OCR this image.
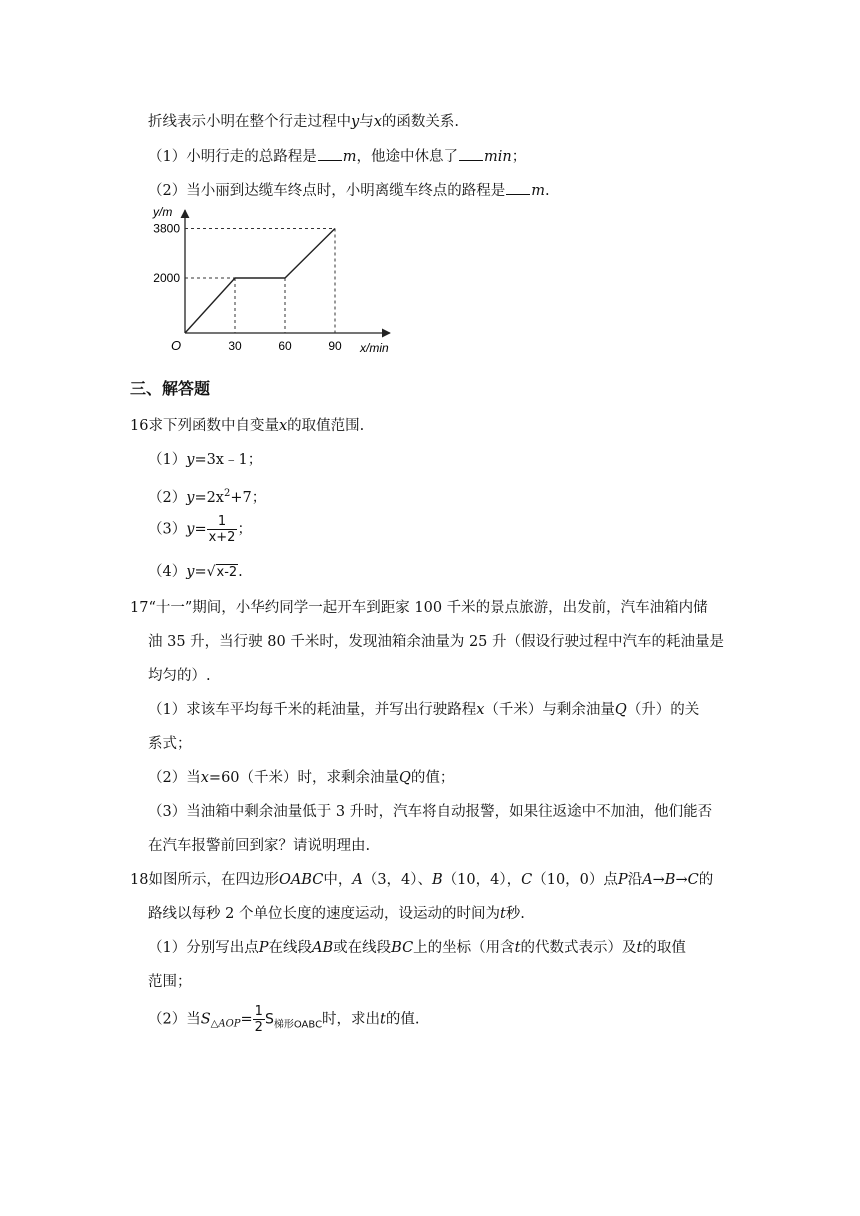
折线表示小明在整个行走过程中y与x的函数关系.
（1）小明行走的总路程是 m，他途中休息了 min；
（2）当小丽到达缆车终点时，小明离缆车终点的路程是 m.
30	60	90
2000
3800
y/m
x/min
O
三、解答题
16求下列函数中自变量x的取值范围.
（1）y=3x﹣1；
$(2)y=2x^2+7$；
$(3)y= \frac{1}{x+2}$ ；
（4）y=√x-2.
17“十一”期间，小华约同学一起开车到距家 100 千米的景点旅游，出发前，汽车油箱内储
油 35 升，当行驶 80 千米时，发现油箱余油量为 25 升（假设行驶过程中汽车的耗油量是
均匀的）.
（1）求该车平均每千米的耗油量，并写出行驶路程x（千米）与剩余油量Q（升）的关
系式；
（2）当x=60（千米）时，求剩余油量Q的值；
（3）当油箱中剩余油量低于 3 升时，汽车将自动报警，如果往返途中不加油，他们能否
在汽车报警前回到家？请说明理由.
18如图所示，在四边形OABC中，A（3，4）、B（10，4），C（10，0）点P沿A→B→C的
路线以每秒 2 个单位长度的速度运动，设运动的时间为t秒.
（1）分别写出点P在线段AB或在线段BC上的坐标（用含t的代数式表示）及t的取值
范围；
（2）当$S_{\triangle AOP}= \frac{1}{2} S_{梯形OABC}$时，求出t的值.
